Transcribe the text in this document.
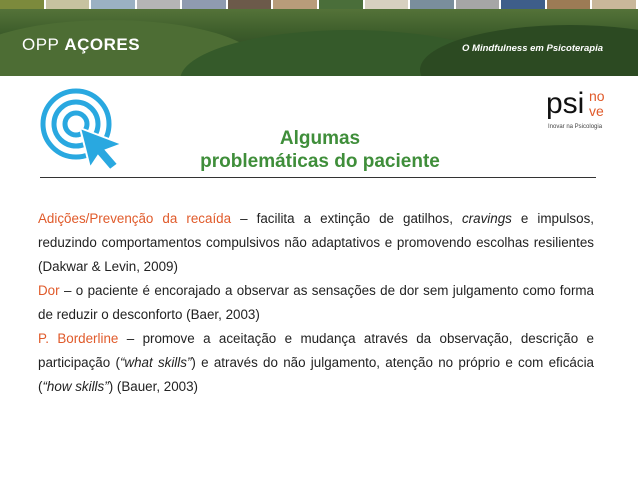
OPP AÇORES	O Mindfulness em Psicoterapia
psi no
ve
Inovar na Psicologia
Algumas
problemáticas do paciente

Adições/Prevenção da recaída – facilita a extinção de gatilhos, cravings e impulsos, reduzindo comportamentos compulsivos não adaptativos e promovendo escolhas resilientes (Dakwar & Levin, 2009)

Dor – o paciente é encorajado a observar as sensações de dor sem julgamento como forma de reduzir o desconforto (Baer, 2003)

P. Borderline – promove a aceitação e mudança através da observação, descrição e participação (“what skills”) e através do não julgamento, atenção no próprio e com eficácia (“how skills”) (Bauer, 2003)
